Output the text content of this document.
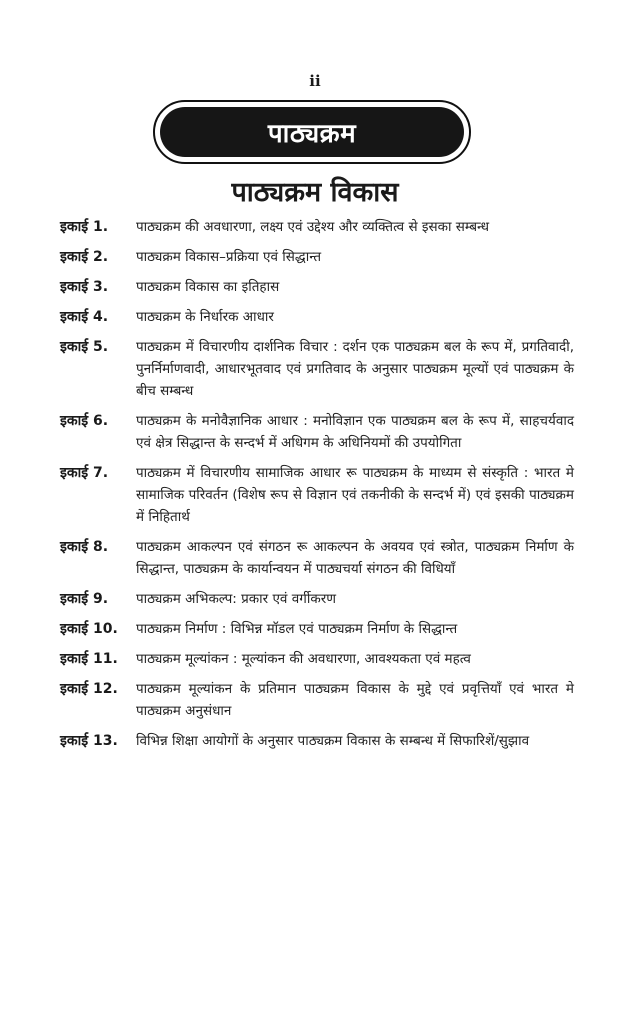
ii
पाठ्यक्रम
पाठ्यक्रम विकास
इकाई 1.	पाठ्यक्रम की अवधारणा, लक्ष्य एवं उद्देश्य और व्यक्तित्व से इसका सम्बन्ध
इकाई 2.	पाठ्यक्रम विकास–प्रक्रिया एवं सिद्धान्त
इकाई 3.	पाठ्यक्रम विकास का इतिहास
इकाई 4.	पाठ्यक्रम के निर्धारक आधार
इकाई 5.	पाठ्यक्रम में विचारणीय दार्शनिक विचार : दर्शन एक पाठ्यक्रम बल के रूप में, प्रगतिवादी, पुनर्निर्माणवादी, आधारभूतवाद एवं प्रगतिवाद के अनुसार पाठ्यक्रम मूल्यों एवं पाठ्यक्रम के बीच सम्बन्ध
इकाई 6.	पाठ्यक्रम के मनोवैज्ञानिक आधार : मनोविज्ञान एक पाठ्यक्रम बल के रूप में, साहचर्यवाद एवं क्षेत्र सिद्धान्त के सन्दर्भ में अधिगम के अधिनियमों की उपयोगिता
इकाई 7.	पाठ्यक्रम में विचारणीय सामाजिक आधार रू पाठ्यक्रम के माध्यम से संस्कृति : भारत मे सामाजिक परिवर्तन (विशेष रूप से विज्ञान एवं तकनीकी के सन्दर्भ में) एवं इसकी पाठ्यक्रम में निहितार्थ
इकाई 8.	पाठ्यक्रम आकल्पन एवं संगठन रू आकल्पन के अवयव एवं स्त्रोत, पाठ्यक्रम निर्माण के सिद्धान्त, पाठ्यक्रम के कार्यान्वयन में पाठ्यचर्या संगठन की विधियाँ
इकाई 9.	पाठ्यक्रम अभिकल्प: प्रकार एवं वर्गीकरण
इकाई 10.	पाठ्यक्रम निर्माण : विभिन्न मॉडल एवं पाठ्यक्रम निर्माण के सिद्धान्त
इकाई 11.	पाठ्यक्रम मूल्यांकन : मूल्यांकन की अवधारणा, आवश्यकता एवं महत्व
इकाई 12.	पाठ्यक्रम मूल्यांकन के प्रतिमान पाठ्यक्रम विकास के मुद्दे एवं प्रवृत्तियाँ एवं भारत मे पाठ्यक्रम अनुसंधान
इकाई 13.	विभिन्न शिक्षा आयोगों के अनुसार पाठ्यक्रम विकास के सम्बन्ध में सिफारिशें/सुझाव
